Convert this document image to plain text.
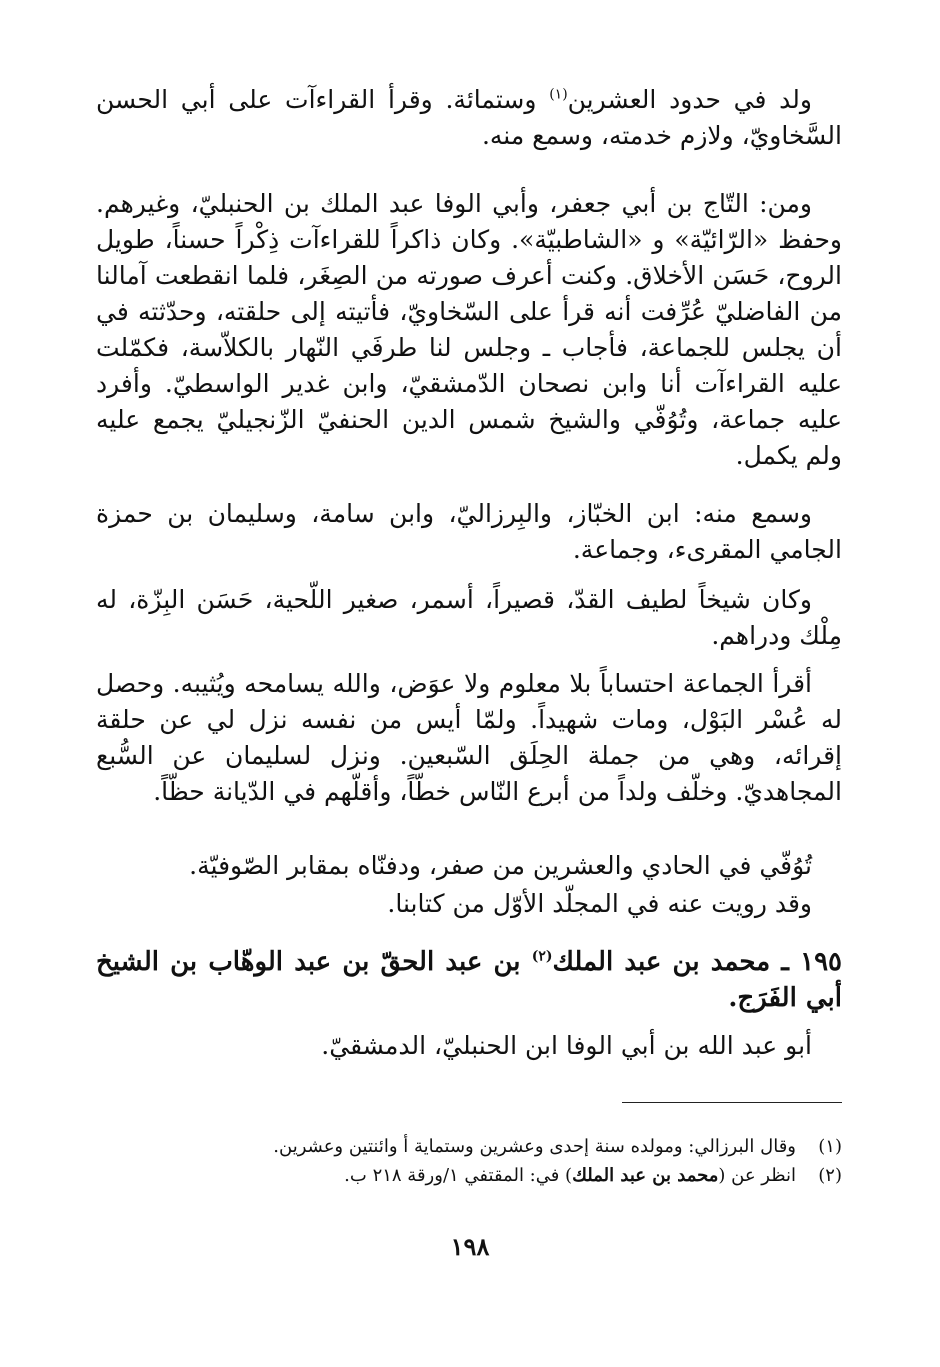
ولد في حدود العشرين$^{(١)}$ وستمائة. وقرأ القراءآت على أبي الحسن السَّخاويّ، ولازم خدمته، وسمع منه.
ومن: التّاج بن أبي جعفر، وأبي الوفا عبد الملك بن الحنبليّ، وغيرهم. وحفظ «الرّائيّة» و «الشاطبيّة». وكان ذاكراً للقراءآت ذِكْراً حسناً، طويل الروح، حَسَن الأخلاق. وكنت أعرف صورته من الصِغَر، فلما انقطعت آمالنا من الفاضليّ عُرِّفت أنه قرأ على السّخاويّ، فأتيته إلى حلقته، وحدّثته في أن يجلس للجماعة، فأجاب ـ وجلس لنا طرفَي النّهار بالكلاّسة، فكمّلت عليه القراءآت أنا وابن نصحان الدّمشقيّ، وابن غدير الواسطيّ. وأفرد عليه جماعة، وتُوُفّي والشيخ شمس الدين الحنفيّ الزّنجيليّ يجمع عليه ولم يكمل.
وسمع منه: ابن الخبّاز، والبِرزاليّ، وابن سامة، وسليمان بن حمزة الجامي المقرىء، وجماعة.
وكان شيخاً لطيف القدّ، قصيراً، أسمر، صغير اللّحية، حَسَن البِزّة، له مِلْك ودراهم.
أقرأ الجماعة احتساباً بلا معلوم ولا عوَض، والله يسامحه ويُثيبه. وحصل له عُسْر البَوْل، ومات شهيداً. ولمّا أيس من نفسه نزل لي عن حلقة إقرائه، وهي من جملة الحِلَق السّبعين. ونزل لسليمان عن السُّبع المجاهديّ. وخلّف ولداً من أبرع النّاس خطّاً، وأقلّهم في الدّيانة حظّاً.
تُوُفّي في الحادي والعشرين من صفر، ودفنّاه بمقابر الصّوفيّة.
وقد رويت عنه في المجلّد الأوّل من كتابنا.
١٩٥ ـ محمد بن عبد الملك$^{(٢)}$ بن عبد الحقّ بن عبد الوهّاب بن الشيخ أبي الفَرَج.
أبو عبد الله بن أبي الوفا ابن الحنبليّ، الدمشقيّ.
(١)وقال البرزالي: ومولده سنة إحدى وعشرين وستماية أ وائنتين وعشرين.
(٢)انظر عن (محمد بن عبد الملك) في: المقتفي ١/ورقة ٢١٨ ب.
١٩٨
